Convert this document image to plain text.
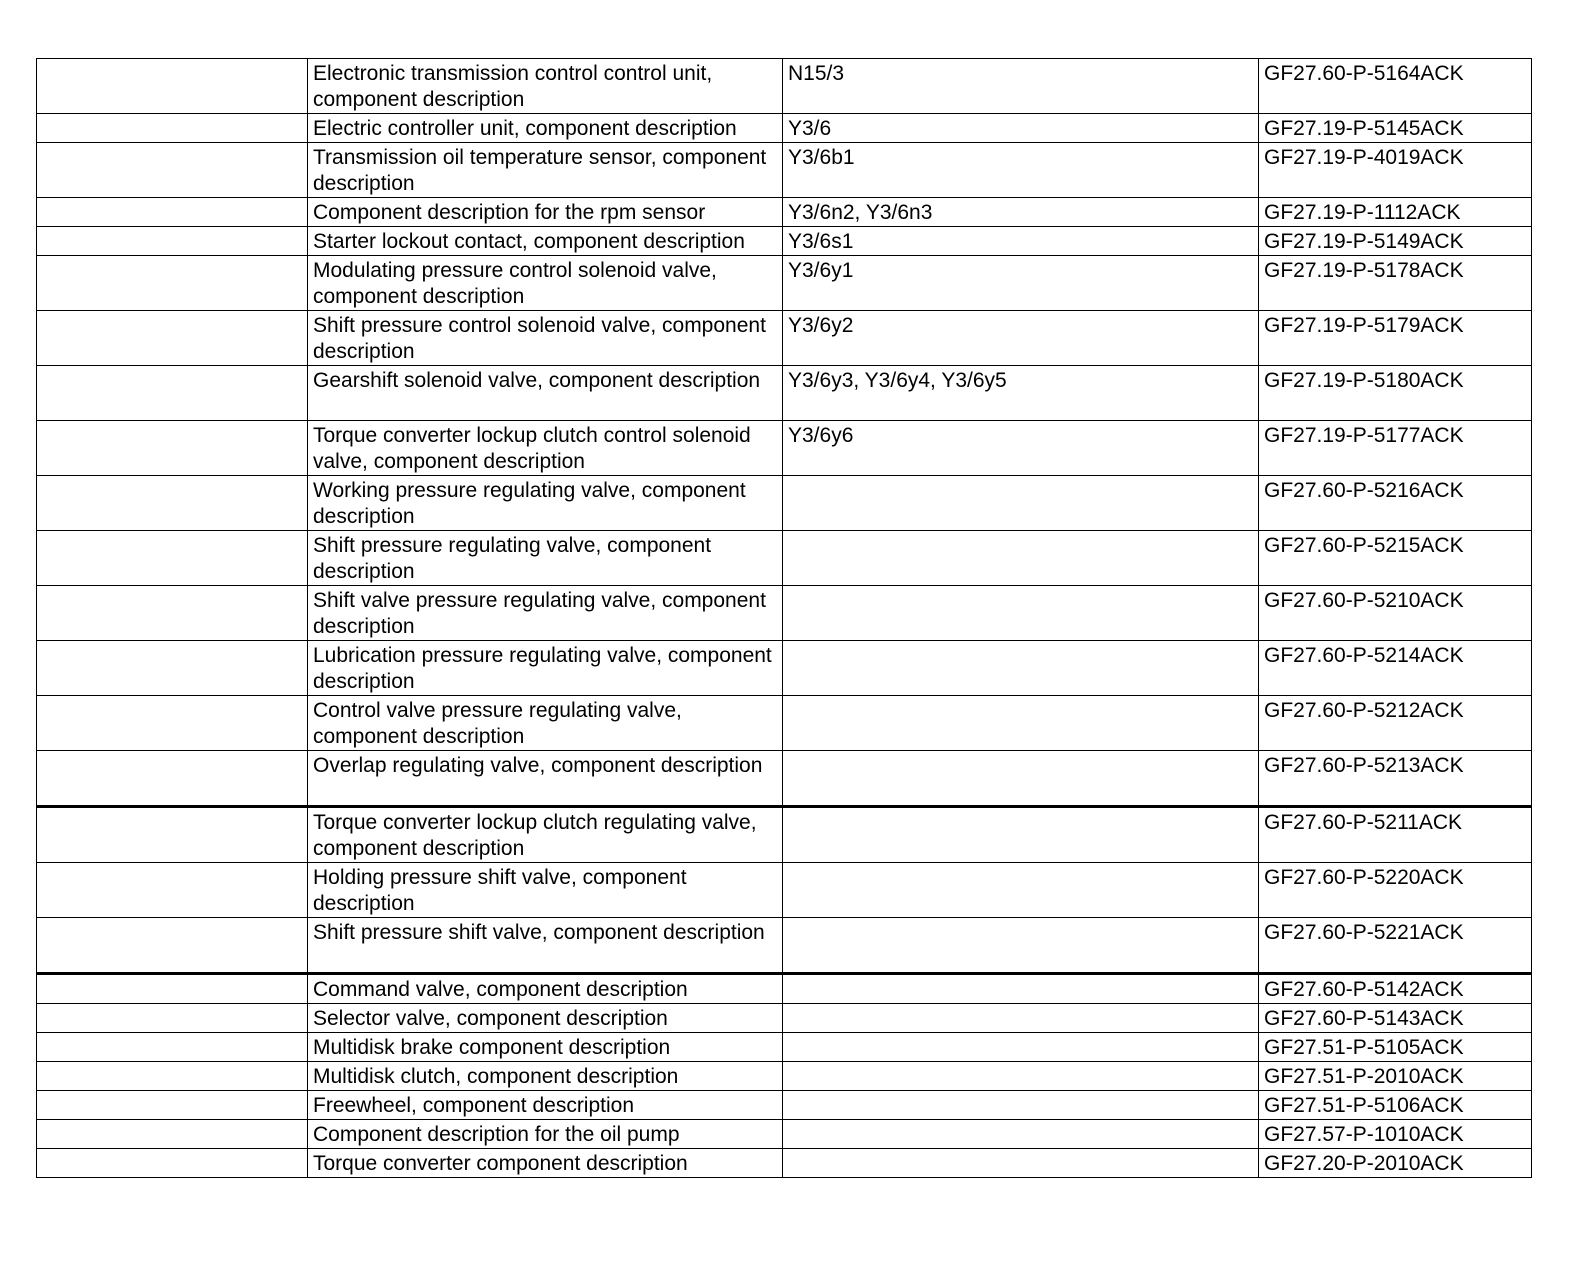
	Electronic transmission control control unit, component description	N15/3	GF27.60-P-5164ACK
	Electric controller unit, component description	Y3/6	GF27.19-P-5145ACK
	Transmission oil temperature sensor, component description	Y3/6b1	GF27.19-P-4019ACK
	Component description for the rpm sensor	Y3/6n2, Y3/6n3	GF27.19-P-1112ACK
	Starter lockout contact, component description	Y3/6s1	GF27.19-P-5149ACK
	Modulating pressure control solenoid valve, component description	Y3/6y1	GF27.19-P-5178ACK
	Shift pressure control solenoid valve, component description	Y3/6y2	GF27.19-P-5179ACK
	Gearshift solenoid valve, component description	Y3/6y3, Y3/6y4, Y3/6y5	GF27.19-P-5180ACK
	Torque converter lockup clutch control solenoid valve, component description	Y3/6y6	GF27.19-P-5177ACK
	Working pressure regulating valve, component description		GF27.60-P-5216ACK
	Shift pressure regulating valve, component description		GF27.60-P-5215ACK
	Shift valve pressure regulating valve, component description		GF27.60-P-5210ACK
	Lubrication pressure regulating valve, component description		GF27.60-P-5214ACK
	Control valve pressure regulating valve, component description		GF27.60-P-5212ACK
	Overlap regulating valve, component description		GF27.60-P-5213ACK
	Torque converter lockup clutch regulating valve, component description		GF27.60-P-5211ACK
	Holding pressure shift valve, component description		GF27.60-P-5220ACK
	Shift pressure shift valve, component description		GF27.60-P-5221ACK
	Command valve, component description		GF27.60-P-5142ACK
	Selector valve, component description		GF27.60-P-5143ACK
	Multidisk brake component description		GF27.51-P-5105ACK
	Multidisk clutch, component description		GF27.51-P-2010ACK
	Freewheel, component description		GF27.51-P-5106ACK
	Component description for the oil pump		GF27.57-P-1010ACK
	Torque converter component description		GF27.20-P-2010ACK
